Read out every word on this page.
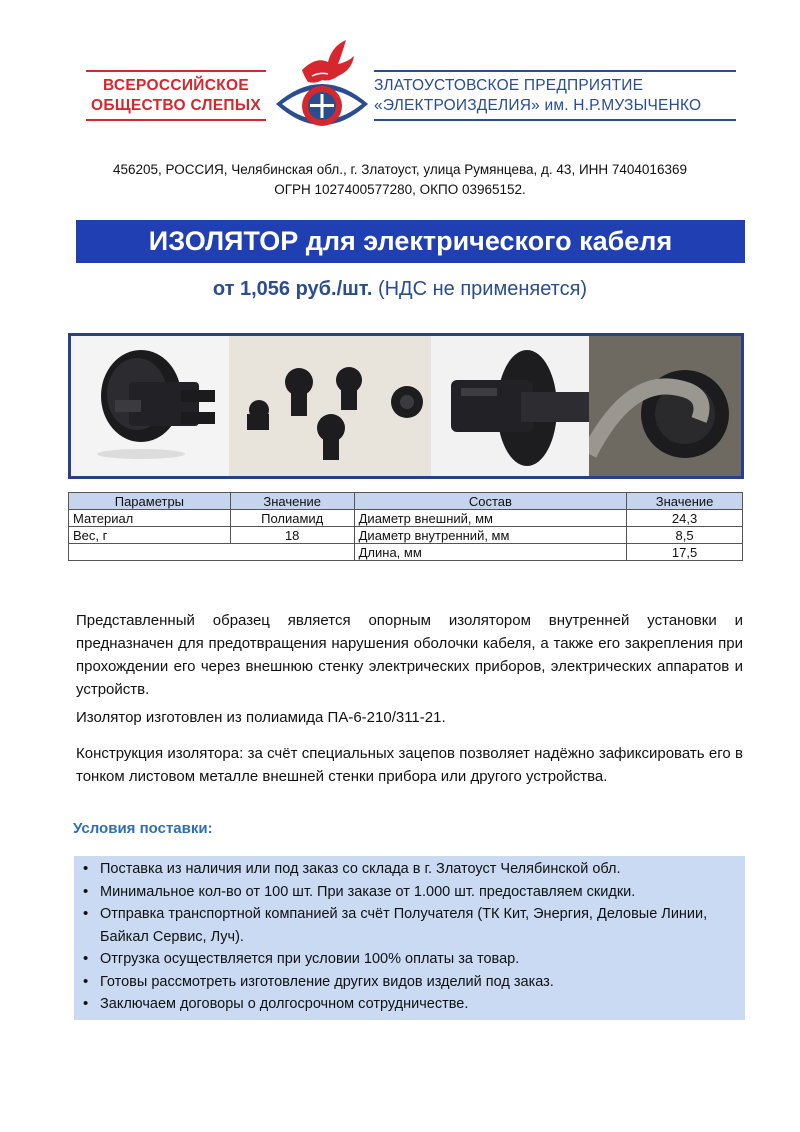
ВСЕРОССИЙСКОЕ
ОБЩЕСТВО СЛЕПЫХ
ЗЛАТОУСТОВСКОЕ ПРЕДПРИЯТИЕ
«ЭЛЕКТРОИЗДЕЛИЯ» им. Н.Р.МУЗЫЧЕНКО
456205, РОССИЯ, Челябинская обл., г. Златоуст, улица Румянцева, д. 43, ИНН 7404016369
ОГРН 1027400577280, ОКПО 03965152.
ИЗОЛЯТОР для электрического кабеля
от 1,056 руб./шт. (НДС не применяется)
Параметры	Значение	Состав	Значение
Материал	Полиамид	Диаметр внешний, мм	24,3
Вес, г	18	Диаметр внутренний, мм	8,5
		Длина, мм	17,5

Представленный образец является опорным изолятором внутренней установки и предназначен для предотвращения нарушения оболочки кабеля, а также его закрепления при прохождении его через внешнюю стенку электрических приборов, электрических аппаратов и устройств.

Изолятор изготовлен из полиамида ПА-6-210/311-21.

Конструкция изолятора: за счёт специальных зацепов позволяет надёжно зафиксировать его в тонком листовом металле внешней стенки прибора или другого устройства.

Условия поставки:
• Поставка из наличия или под заказ со склада в г. Златоуст Челябинской обл.
• Минимальное кол-во от 100 шт. При заказе от 1.000 шт. предоставляем скидки.
• Отправка транспортной компанией за счёт Получателя (ТК Кит, Энергия, Деловые Линии, Байкал Сервис, Луч).
• Отгрузка осуществляется при условии 100% оплаты за товар.
• Готовы рассмотреть изготовление других видов изделий под заказ.
• Заключаем договоры о долгосрочном сотрудничестве.
